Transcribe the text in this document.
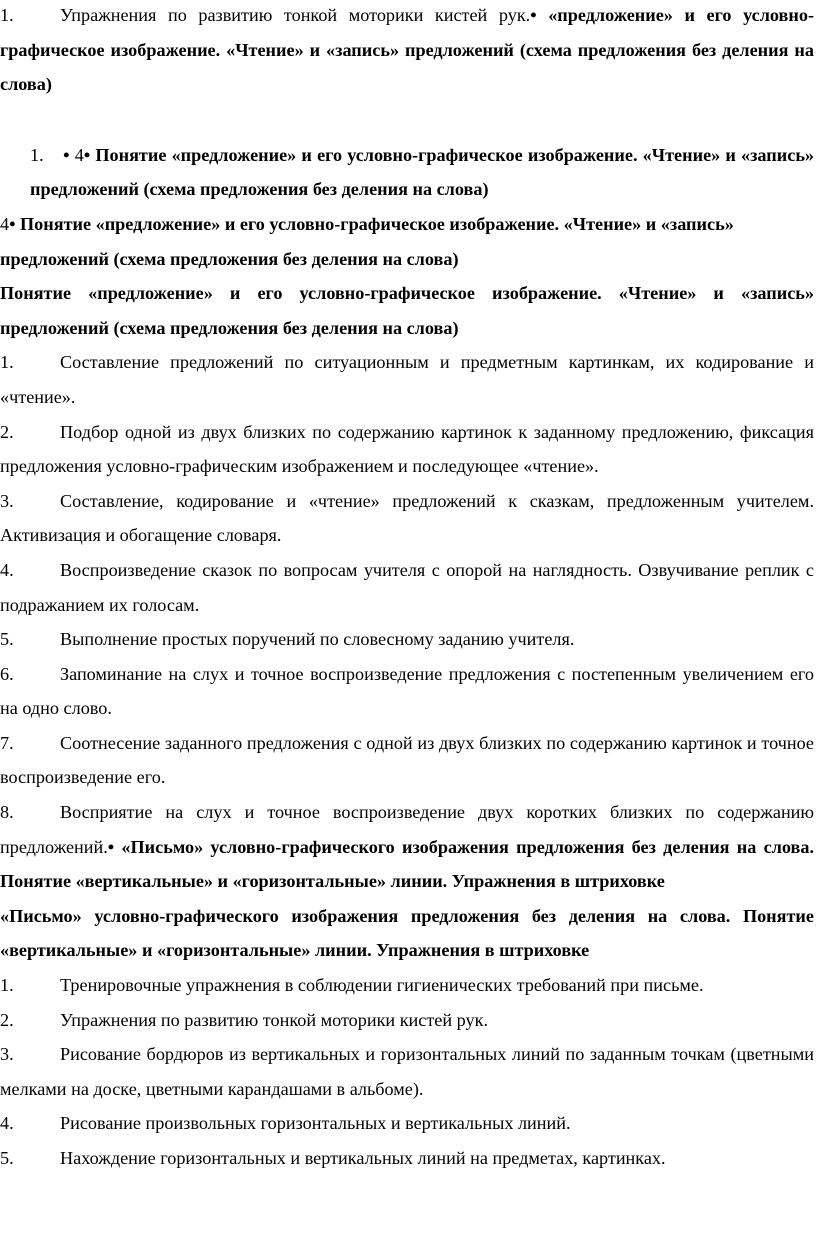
1.	Упражнения по развитию тонкой моторики кистей рук.• «предложение» и его условно-графическое изображение. «Чтение» и «запись» предложений (схема предложения без деления на слова)

1. • 4• Понятие «предложение» и его условно-графическое изображение. «Чтение» и «запись» предложений (схема предложения без деления на слова)

4• Понятие «предложение» и его условно-графическое изображение. «Чтение» и «запись» предложений (схема предложения без деления на слова)

Понятие «предложение» и его условно-графическое изображение. «Чтение» и «запись» предложений (схема предложения без деления на слова)

1.	Составление предложений по ситуационным и предметным картинкам, их кодирование и «чтение».

2.	Подбор одной из двух близких по содержанию картинок к заданному предложению, фиксация предложения условно-графическим изображением и последующее «чтение».

3.	Составление, кодирование и «чтение» предложений к сказкам, предложенным учителем. Активизация и обогащение словаря.

4.	Воспроизведение сказок по вопросам учителя с опорой на наглядность. Озвучивание реплик с подражанием их голосам.

5.	Выполнение простых поручений по словесному заданию учителя.

6.	Запоминание на слух и точное воспроизведение предложения с постепенным увеличением его на одно слово.

7.	Соотнесение заданного предложения с одной из двух близких по содержанию картинок и точное воспроизведение его.

8.	Восприятие на слух и точное воспроизведение двух коротких близких по содержанию предложений.• «Письмо» условно-графического изображения предложения без деления на слова. Понятие «вертикальные» и «горизонтальные» линии. Упражнения в штриховке

«Письмо» условно-графического изображения предложения без деления на слова. Понятие «вертикальные» и «горизонтальные» линии. Упражнения в штриховке

1.	Тренировочные упражнения в соблюдении гигиенических требований при письме.

2.	Упражнения по развитию тонкой моторики кистей рук.

3.	Рисование бордюров из вертикальных и горизонтальных линий по заданным точкам (цветными мелками на доске, цветными карандашами в альбоме).

4.	Рисование произвольных горизонтальных и вертикальных линий.

5.	Нахождение горизонтальных и вертикальных линий на предметах, картинках.
